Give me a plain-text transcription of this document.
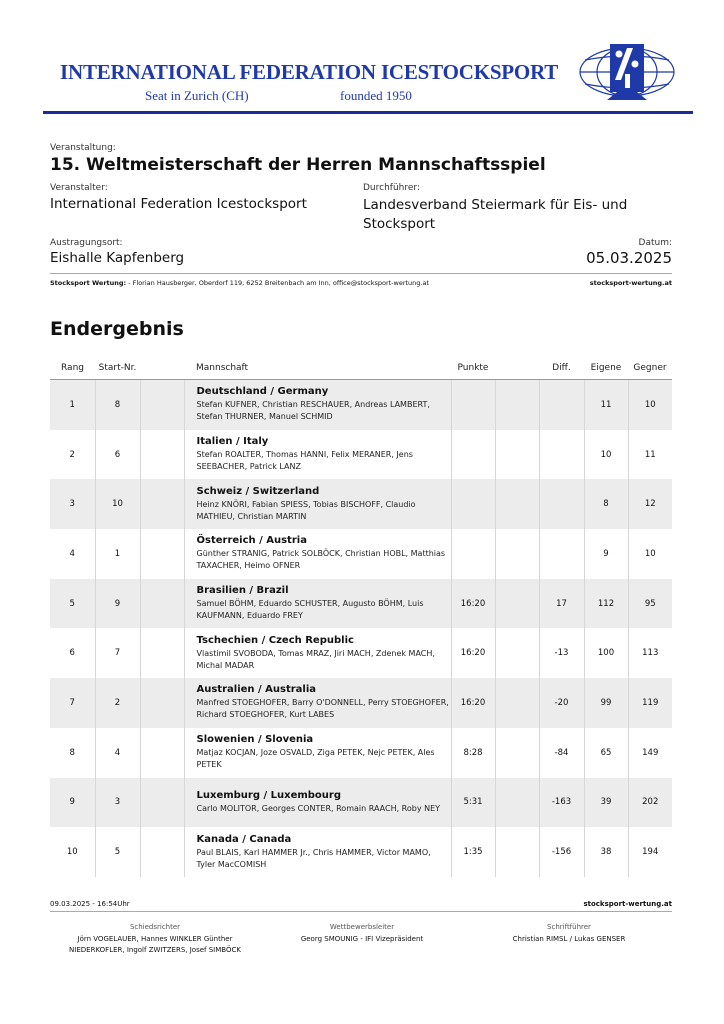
INTERNATIONAL FEDERATION ICESTOCKSPORT
Seat in Zurich (CH)	founded 1950
Veranstaltung:
15. Weltmeisterschaft der Herren Mannschaftsspiel
Veranstalter:
International Federation Icestocksport
Durchführer:
Landesverband Steiermark für Eis- und Stocksport
Austragungsort:
Eishalle Kapfenberg
Datum:
05.03.2025
Stocksport Wertung: - Florian Hausberger, Oberdorf 119, 6252 Breitenbach am Inn, office@stocksport-wertung.at	stocksport-wertung.at
Endergebnis
Rang	Start-Nr.		Mannschaft	Punkte		Diff.	Eigene	Gegner
1	8		Deutschland / Germany
Stefan KUFNER, Christian RESCHAUER, Andreas LAMBERT, Stefan THURNER, Manuel SCHMID				11	10
2	6		Italien / Italy
Stefan ROALTER, Thomas HANNI, Felix MERANER, Jens SEEBACHER, Patrick LANZ				10	11
3	10		Schweiz / Switzerland
Heinz KNÖRI, Fabian SPIESS, Tobias BISCHOFF, Claudio MATHIEU, Christian MARTIN				8	12
4	1		Österreich / Austria
Günther STRANIG, Patrick SOLBÖCK, Christian HOBL, Matthias TAXACHER, Heimo OFNER				9	10
5	9		Brasilien / Brazil
Samuel BÖHM, Eduardo SCHUSTER, Augusto BÖHM, Luis KAUFMANN, Eduardo FREY	16:20		17	112	95
6	7		Tschechien / Czech Republic
Vlastimil SVOBODA, Tomas MRAZ, Jiri MACH, Zdenek MACH, Michal MADAR	16:20		-13	100	113
7	2		Australien / Australia
Manfred STOEGHOFER, Barry O'DONNELL, Perry STOEGHOFER, Richard STOEGHOFER, Kurt LABES	16:20		-20	99	119
8	4		Slowenien / Slovenia
Matjaz KOCJAN, Joze OSVALD, Ziga PETEK, Nejc PETEK, Ales PETEK	8:28		-84	65	149
9	3		Luxemburg / Luxembourg
Carlo MOLITOR, Georges CONTER, Romain RAACH, Roby NEY	5:31		-163	39	202
10	5		Kanada / Canada
Paul BLAIS, Karl HAMMER Jr., Chris HAMMER, Victor MAMO, Tyler MacCOMISH	1:35		-156	38	194
09.03.2025 - 16:54Uhr	stocksport-wertung.at
Schiedsrichter
Jörn VOGELAUER, Hannes WINKLER Günther NIEDERKOFLER, Ingolf ZWITZERS, Josef SIMBÖCK
Wettbewerbsleiter
Georg SMOUNIG - IFI Vizepräsident
Schriftführer
Christian RIMSL / Lukas GENSER
